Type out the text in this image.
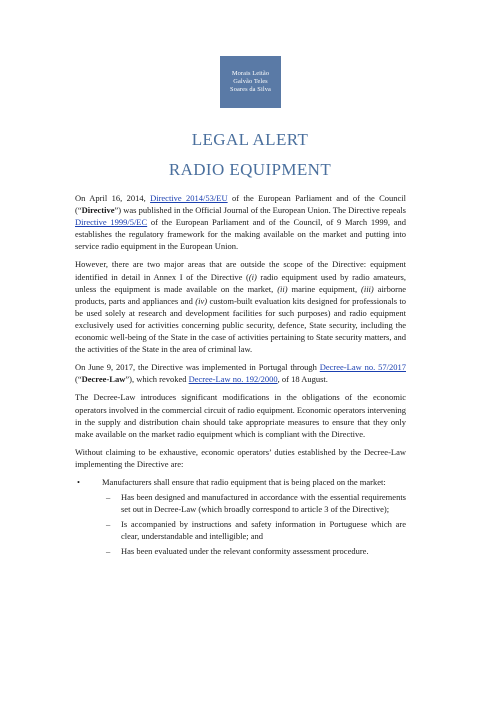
Morais Leitão
Galvão Teles
Soares da Silva
LEGAL ALERT
RADIO EQUIPMENT

On April 16, 2014, Directive 2014/53/EU of the European Parliament and of the Council (“Directive”) was published in the Official Journal of the European Union. The Directive repeals Directive 1999/5/EC of the European Parliament and of the Council, of 9 March 1999, and establishes the regulatory framework for the making available on the market and putting into service radio equipment in the European Union.

However, there are two major areas that are outside the scope of the Directive: equipment identified in detail in Annex I of the Directive ((i) radio equipment used by radio amateurs, unless the equipment is made available on the market, (ii) marine equipment, (iii) airborne products, parts and appliances and (iv) custom-built evaluation kits designed for professionals to be used solely at research and development facilities for such purposes) and radio equipment exclusively used for activities concerning public security, defence, State security, including the economic well-being of the State in the case of activities pertaining to State security matters, and the activities of the State in the area of criminal law.

On June 9, 2017, the Directive was implemented in Portugal through Decree-Law no. 57/2017 (“Decree-Law”), which revoked Decree-Law no. 192/2000, of 18 August.

The Decree-Law introduces significant modifications in the obligations of the economic operators involved in the commercial circuit of radio equipment. Economic operators intervening in the supply and distribution chain should take appropriate measures to ensure that they only make available on the market radio equipment which is compliant with the Directive.

Without claiming to be exhaustive, economic operators’ duties established by the Decree-Law implementing the Directive are:

• Manufacturers shall ensure that radio equipment that is being placed on the market:
– Has been designed and manufactured in accordance with the essential requirements set out in Decree-Law (which broadly correspond to article 3 of the Directive);
– Is accompanied by instructions and safety information in Portuguese which are clear, understandable and intelligible; and
– Has been evaluated under the relevant conformity assessment procedure.
